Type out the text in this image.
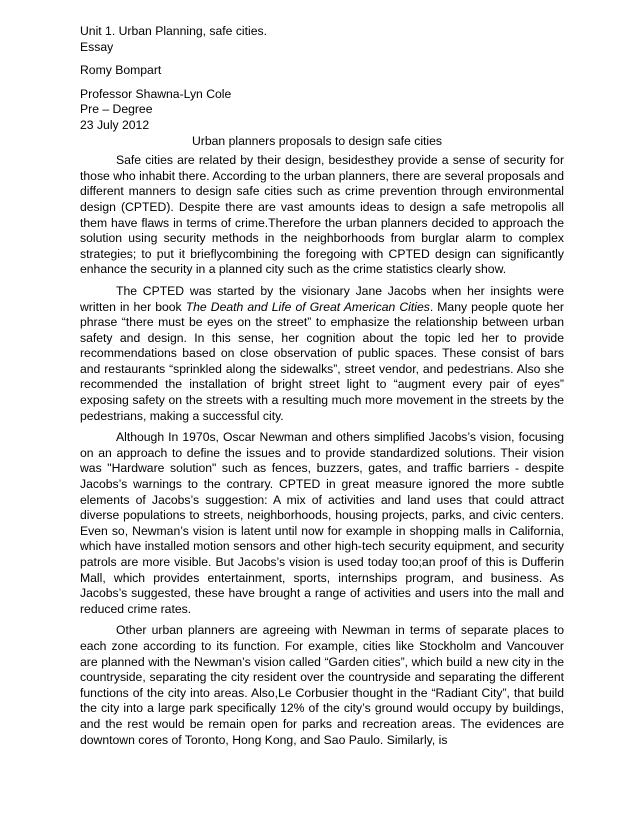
Unit 1. Urban Planning, safe cities.
Essay
Romy Bompart
Professor Shawna-Lyn Cole
Pre – Degree
23 July 2012
Urban planners proposals to design safe cities

Safe cities are related by their design, besidesthey provide a sense of security for those who inhabit there. According to the urban planners, there are several proposals and different manners to design safe cities such as crime prevention through environmental design (CPTED). Despite there are vast amounts ideas to design a safe metropolis all them have flaws in terms of crime.Therefore the urban planners decided to approach the solution using security methods in the neighborhoods from burglar alarm to complex strategies; to put it brieflycombining the foregoing with CPTED design can significantly enhance the security in a planned city such as the crime statistics clearly show.

The CPTED was started by the visionary Jane Jacobs when her insights were written in her book The Death and Life of Great American Cities. Many people quote her phrase “there must be eyes on the street” to emphasize the relationship between urban safety and design. In this sense, her cognition about the topic led her to provide recommendations based on close observation of public spaces. These consist of bars and restaurants “sprinkled along the sidewalks”, street vendor, and pedestrians. Also she recommended the installation of bright street light to “augment every pair of eyes” exposing safety on the streets with a resulting much more movement in the streets by the pedestrians, making a successful city.

Although In 1970s, Oscar Newman and others simplified Jacobs’s vision, focusing on an approach to define the issues and to provide standardized solutions. Their vision was "Hardware solution" such as fences, buzzers, gates, and traffic barriers - despite Jacobs’s warnings to the contrary. CPTED in great measure ignored the more subtle elements of Jacobs’s suggestion: A mix of activities and land uses that could attract diverse populations to streets, neighborhoods, housing projects, parks, and civic centers. Even so, Newman’s vision is latent until now for example in shopping malls in California, which have installed motion sensors and other high-tech security equipment, and security patrols are more visible. But Jacobs’s vision is used today too;an proof of this is Dufferin Mall, which provides entertainment, sports, internships program, and business. As Jacobs’s suggested, these have brought a range of activities and users into the mall and reduced crime rates.

Other urban planners are agreeing with Newman in terms of separate places to each zone according to its function. For example, cities like Stockholm and Vancouver are planned with the Newman’s vision called “Garden cities”, which build a new city in the countryside, separating the city resident over the countryside and separating the different functions of the city into areas. Also,Le Corbusier thought in the “Radiant City”, that build the city into a large park specifically 12% of the city’s ground would occupy by buildings, and the rest would be remain open for parks and recreation areas. The evidences are downtown cores of Toronto, Hong Kong, and Sao Paulo. Similarly, is
